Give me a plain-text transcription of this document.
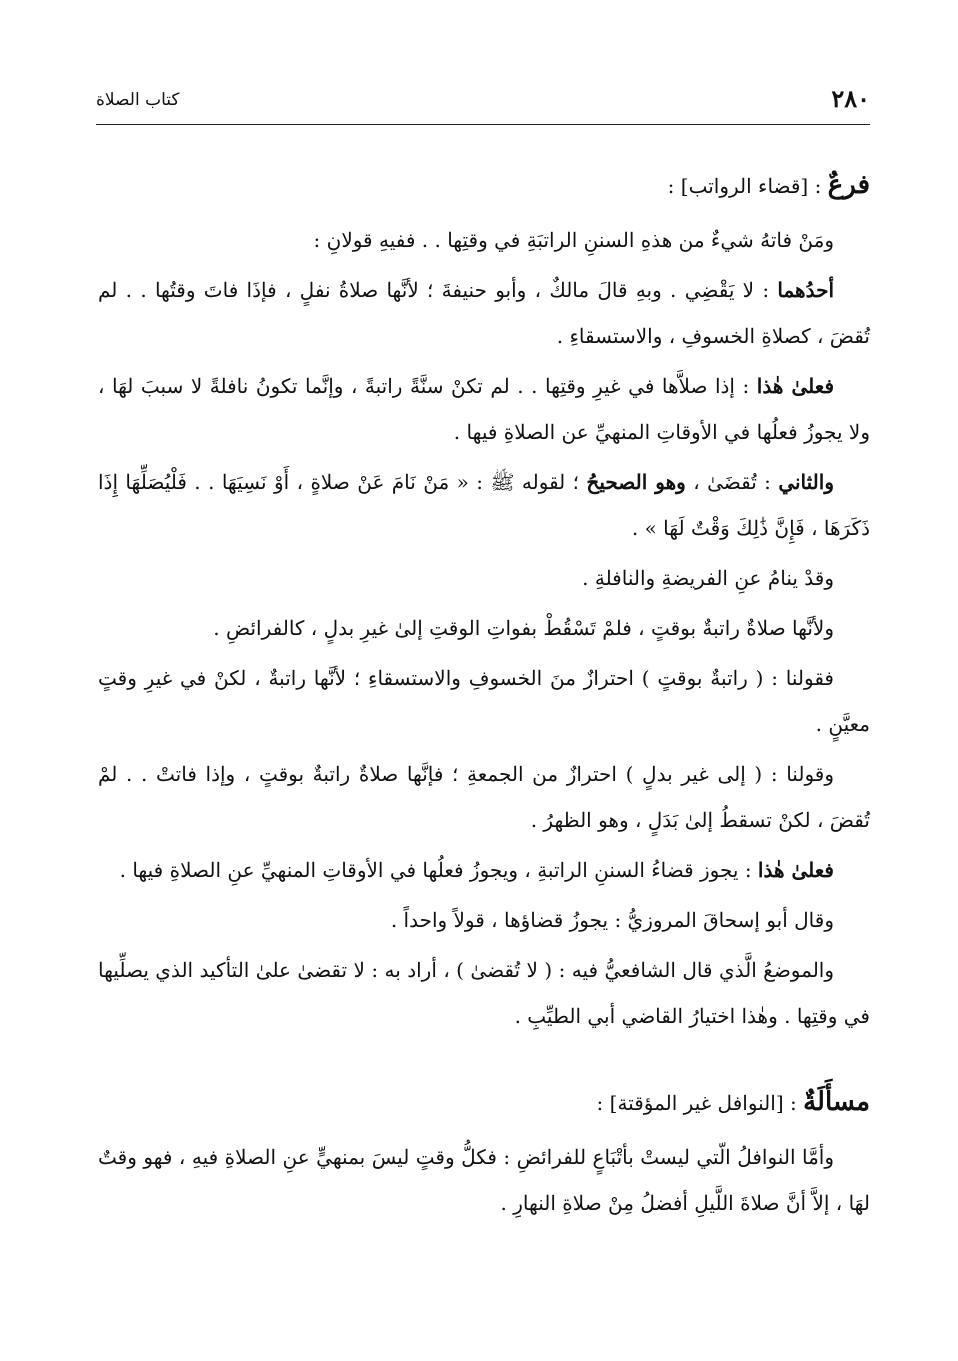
٢٨٠
كتاب الصلاة
فرعٌ : [قضاء الرواتب] :

ومَنْ فاتهُ شيءٌ من هذهِ السننِ الراتبَةِ في وقتِها . . ففيهِ قولانِ :

أحدُهما : لا يَقْضِي . وبهِ قالَ مالكٌ ، وأبو حنيفةَ ؛ لأنَّها صلاةُ نفلٍ ، فإذَا فاتَ وقتُها . . لم تُقضَ ، كصلاةِ الخسوفِ ، والاستسقاءِ .

فعلىٰ هٰذا : إذا صلاَّها في غيرِ وقتِها . . لم تكنْ سنَّةً راتبةً ، وإنَّما تكونُ نافلةً لا سببَ لهَا ، ولا يجوزُ فعلُها في الأوقاتِ المنهيِّ عن الصلاةِ فيها .

والثاني : تُقضَىٰ ، وهو الصحيحُ ؛ لقوله ﷺ : « مَنْ نَامَ عَنْ صلاةٍ ، أَوْ نَسِيَهَا . . فَلْيُصَلِّهَا إِذَا ذَكَرَهَا ، فَإِنَّ ذَٰلِكَ وَقْتٌ لَهَا » .

وقدْ ينامُ عنِ الفريضةِ والنافلةِ .

ولأنَّها صلاةٌ راتبةٌ بوقتٍ ، فلمْ تَسْقُطْ بفواتِ الوقتِ إلىٰ غيرِ بدلٍ ، كالفرائضِ .

فقولنا : ( راتبةٌ بوقتٍ ) احترازٌ منَ الخسوفِ والاستسقاءِ ؛ لأنَّها راتبةٌ ، لكنْ في غيرِ وقتٍ معيَّنٍ .

وقولنا : ( إلى غير بدلٍ ) احترازٌ من الجمعةِ ؛ فإنَّها صلاةٌ راتبةٌ بوقتٍ ، وإذا فاتتْ . . لمْ تُقضَ ، لكنْ تسقطُ إلىٰ بَدَلٍ ، وهو الظهرُ .

فعلىٰ هٰذا : يجوز قضاءُ السننِ الراتبةِ ، ويجوزُ فعلُها في الأوقاتِ المنهيِّ عنِ الصلاةِ فيها .

وقال أبو إسحاقَ المروزيُّ : يجوزُ قضاؤها ، قولاً واحداً .

والموضعُ الَّذي قال الشافعيُّ فيه : ( لا تُقضىٰ ) ، أراد به : لا تقضىٰ علىٰ التأكيد الذي يصلِّيها في وقتِها . وهٰذا اختيارُ القاضي أبي الطيِّبِ .

مسأَلَةٌ : [النوافل غير المؤقتة] :

وأمَّا النوافلُ الّتي ليستْ بأتْبَاعٍ للفرائضِ : فكلُّ وقتٍ ليسَ بمنهيٍّ عنِ الصلاةِ فيهِ ، فهو وقتٌ لهَا ، إلاَّ أنَّ صلاةَ اللَّيلِ أفضلُ مِنْ صلاةِ النهارِ .
